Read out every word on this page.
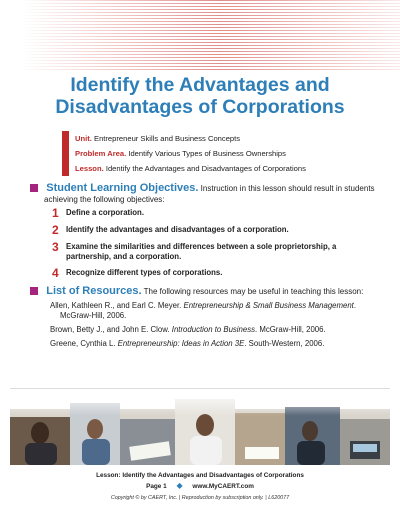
Identify the Advantages and
Disadvantages of Corporations
Unit. Entrepreneur Skills and Business Concepts
Problem Area. Identify Various Types of Business Ownerships
Lesson. Identify the Advantages and Disadvantages of Corporations
Student Learning Objectives. Instruction in this lesson should result in students
achieving the following objectives:
1 Define a corporation.
2 Identify the advantages and disadvantages of a corporation.
3 Examine the similarities and differences between a sole proprietorship, a
partnership, and a corporation.
4 Recognize different types of corporations.
List of Resources. The following resources may be useful in teaching this lesson:
Allen, Kathleen R., and Earl C. Meyer. Entrepreneurship & Small Business Management. McGraw-Hill, 2006.
Brown, Betty J., and John E. Clow. Introduction to Business. McGraw-Hill, 2006.
Greene, Cynthia L. Entrepreneurship: Ideas in Action 3E. South-Western, 2006.
Lesson: Identify the Advantages and Disadvantages of Corporations
Page 1 ◆ www.MyCAERT.com
Copyright © by CAERT, Inc. | Reproduction by subscription only. | L620077
